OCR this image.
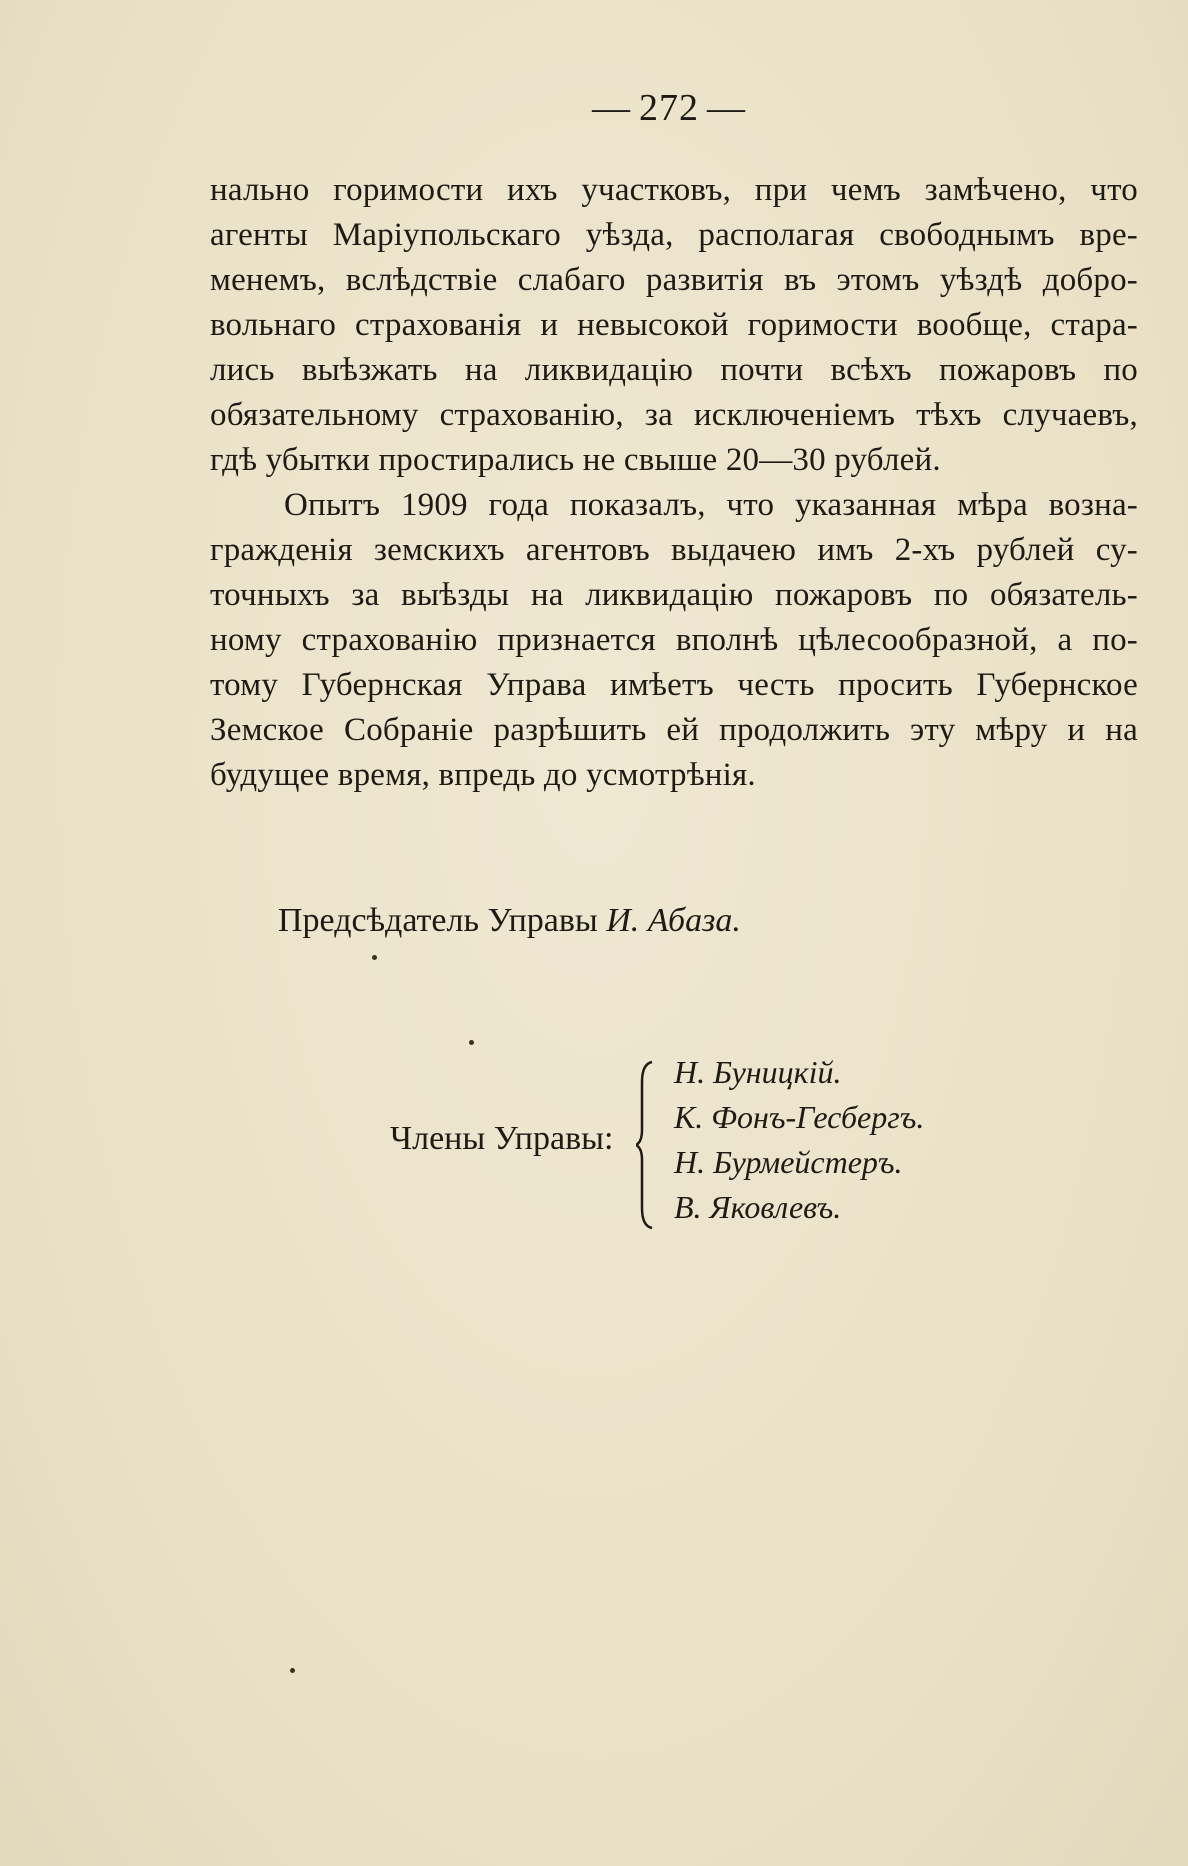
— 272 —
нально горимости ихъ участковъ, при чемъ замѣчено, что
агенты Маріупольскаго уѣзда, располагая свободнымъ вре-
менемъ, вслѣдствіе слабаго развитія въ этомъ уѣздѣ добро-
вольнаго страхованія и невысокой горимости вообще, стара-
лись выѣзжать на ликвидацію почти всѣхъ пожаровъ по
обязательному страхованію, за исключеніемъ тѣхъ случаевъ,
гдѣ убытки простирались не свыше 20—30 рублей.
Опытъ 1909 года показалъ, что указанная мѣра возна-
гражденія земскихъ агентовъ выдачею имъ 2-хъ рублей су-
точныхъ за выѣзды на ликвидацію пожаровъ по обязатель-
ному страхованію признается вполнѣ цѣлесообразной, а по-
тому Губернская Управа имѣетъ честь просить Губернское
Земское Собраніе разрѣшить ей продолжить эту мѣру и на
будущее время, впредь до усмотрѣнія.
Предсѣдатель Управы И. Абаза.
Члены Управы:
Н. Буницкій.
К. Фонъ-Гесбергъ.
Н. Бурмейстеръ.
В. Яковлевъ.
